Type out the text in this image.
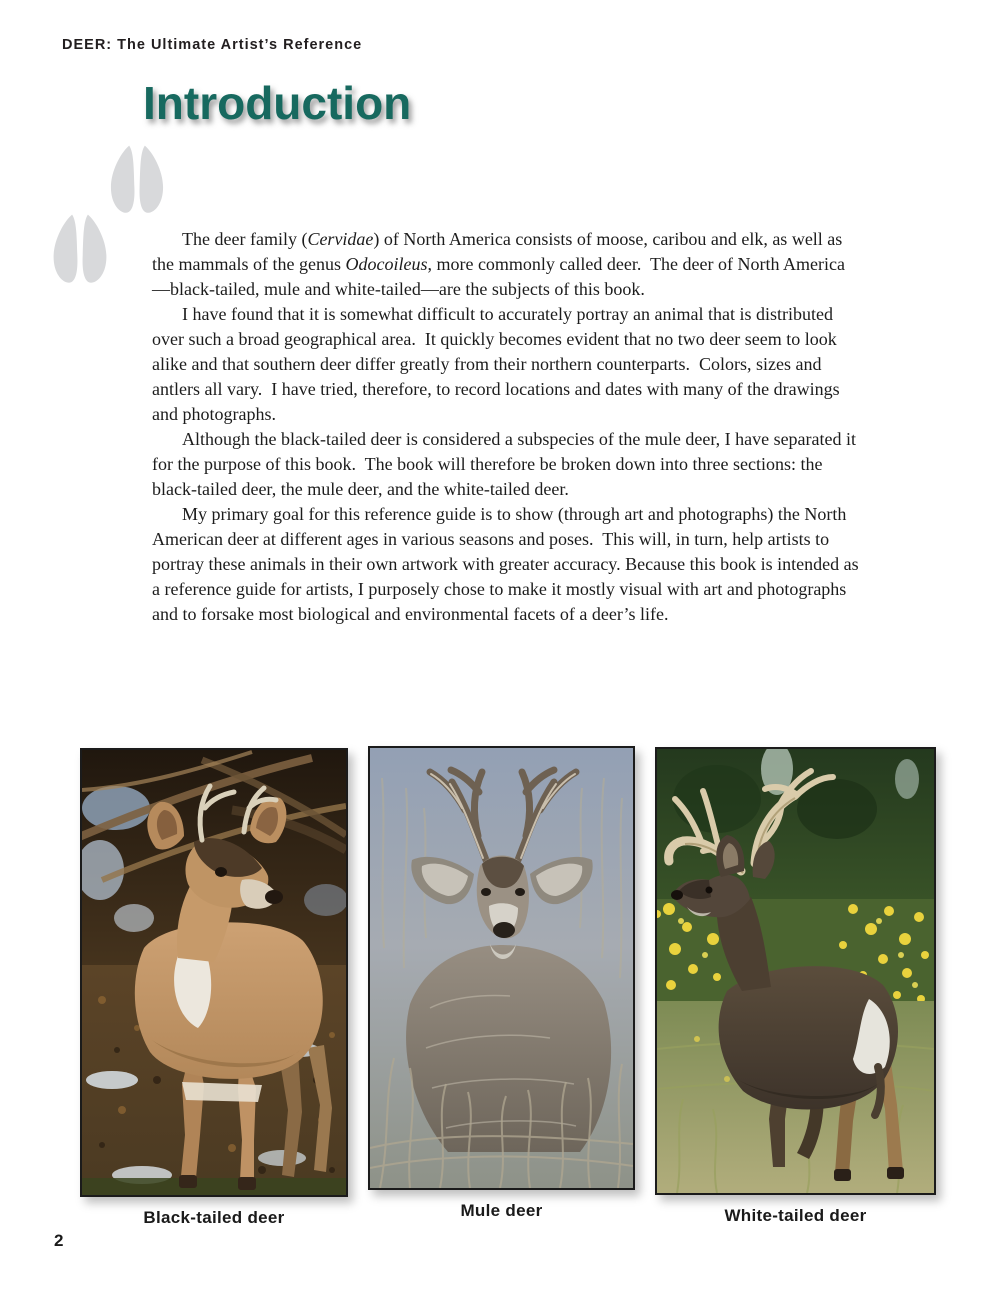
DEER: The Ultimate Artist’s Reference
Introduction

The deer family (Cervidae) of North America consists of moose, caribou and elk, as well as the mammals of the genus Odocoileus, more commonly called deer.  The deer of North America—black-tailed, mule and white-tailed—are the subjects of this book.

I have found that it is somewhat difficult to accurately portray an animal that is distributed over such a broad geographical area.  It quickly becomes evident that no two deer seem to look alike and that southern deer differ greatly from their northern counterparts.  Colors, sizes and antlers all vary.  I have tried, therefore, to record locations and dates with many of the drawings and photographs.

Although the black-tailed deer is considered a subspecies of the mule deer, I have separated it for the purpose of this book.  The book will therefore be broken down into three sections: the black-tailed deer, the mule deer, and the white-tailed deer.

My primary goal for this reference guide is to show (through art and photographs) the North American deer at different ages in various seasons and poses.  This will, in turn, help artists to portray these animals in their own artwork with greater accuracy. Because this book is intended as a reference guide for artists, I purposely chose to make it mostly visual with art and photographs and to forsake most biological and environmental facets of a deer’s life.

Black-tailed deer	Mule deer	White-tailed deer
2
